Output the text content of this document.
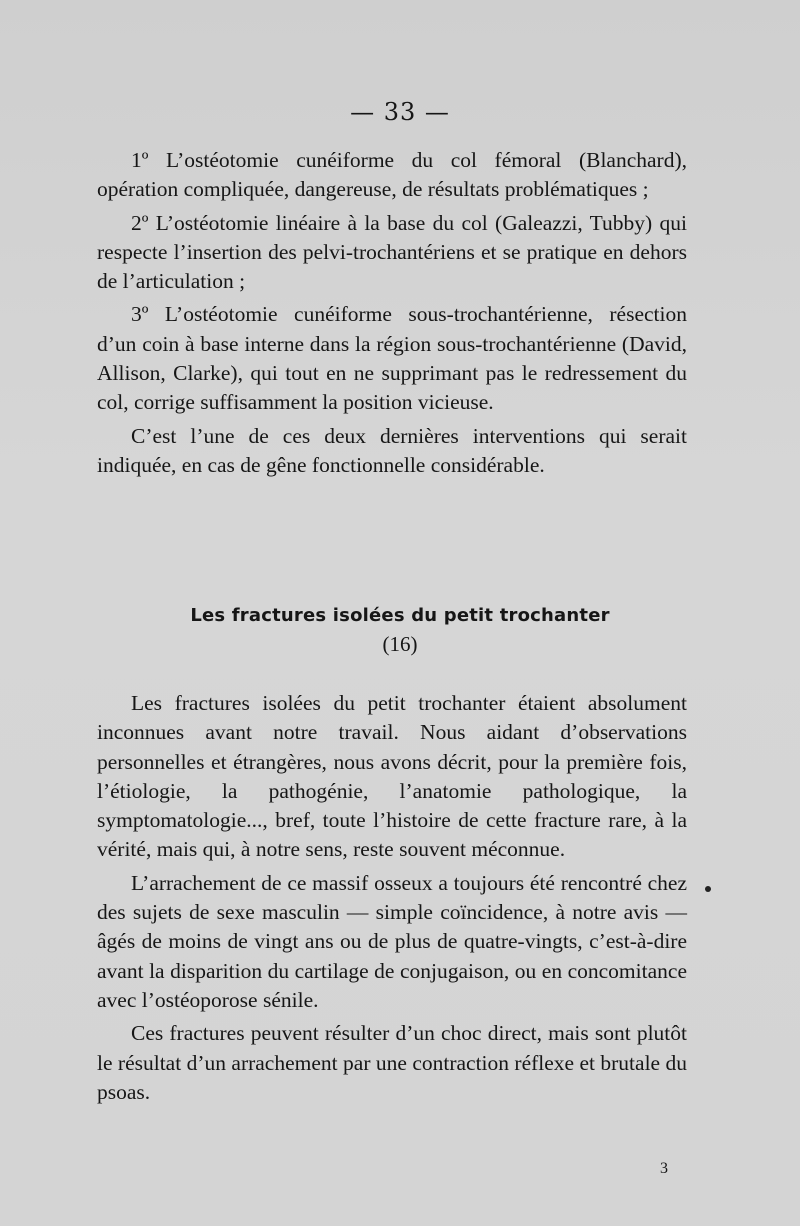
— 33 —

1º L’ostéotomie cunéiforme du col fémoral (Blanchard), opération compliquée, dangereuse, de résultats problématiques ;

2º L’ostéotomie linéaire à la base du col (Galeazzi, Tubby) qui respecte l’insertion des pelvi-trochantériens et se pratique en dehors de l’articulation ;

3º L’ostéotomie cunéiforme sous-trochantérienne, résection d’un coin à base interne dans la région sous-trochantérienne (David, Allison, Clarke), qui tout en ne supprimant pas le redressement du col, corrige suffisamment la position vicieuse.

C’est l’une de ces deux dernières interventions qui serait indiquée, en cas de gêne fonctionnelle considérable.

Les fractures isolées du petit trochanter
(16)

Les fractures isolées du petit trochanter étaient absolument inconnues avant notre travail. Nous aidant d’observations personnelles et étrangères, nous avons décrit, pour la première fois, l’étiologie, la pathogénie, l’anatomie pathologique, la symptomatologie..., bref, toute l’histoire de cette fracture rare, à la vérité, mais qui, à notre sens, reste souvent méconnue.

L’arrachement de ce massif osseux a toujours été rencontré chez des sujets de sexe masculin — simple coïncidence, à notre avis — âgés de moins de vingt ans ou de plus de quatre-vingts, c’est-à-dire avant la disparition du cartilage de conjugaison, ou en concomitance avec l’ostéoporose sénile.

Ces fractures peuvent résulter d’un choc direct, mais sont plutôt le résultat d’un arrachement par une contraction réflexe et brutale du psoas.

3
